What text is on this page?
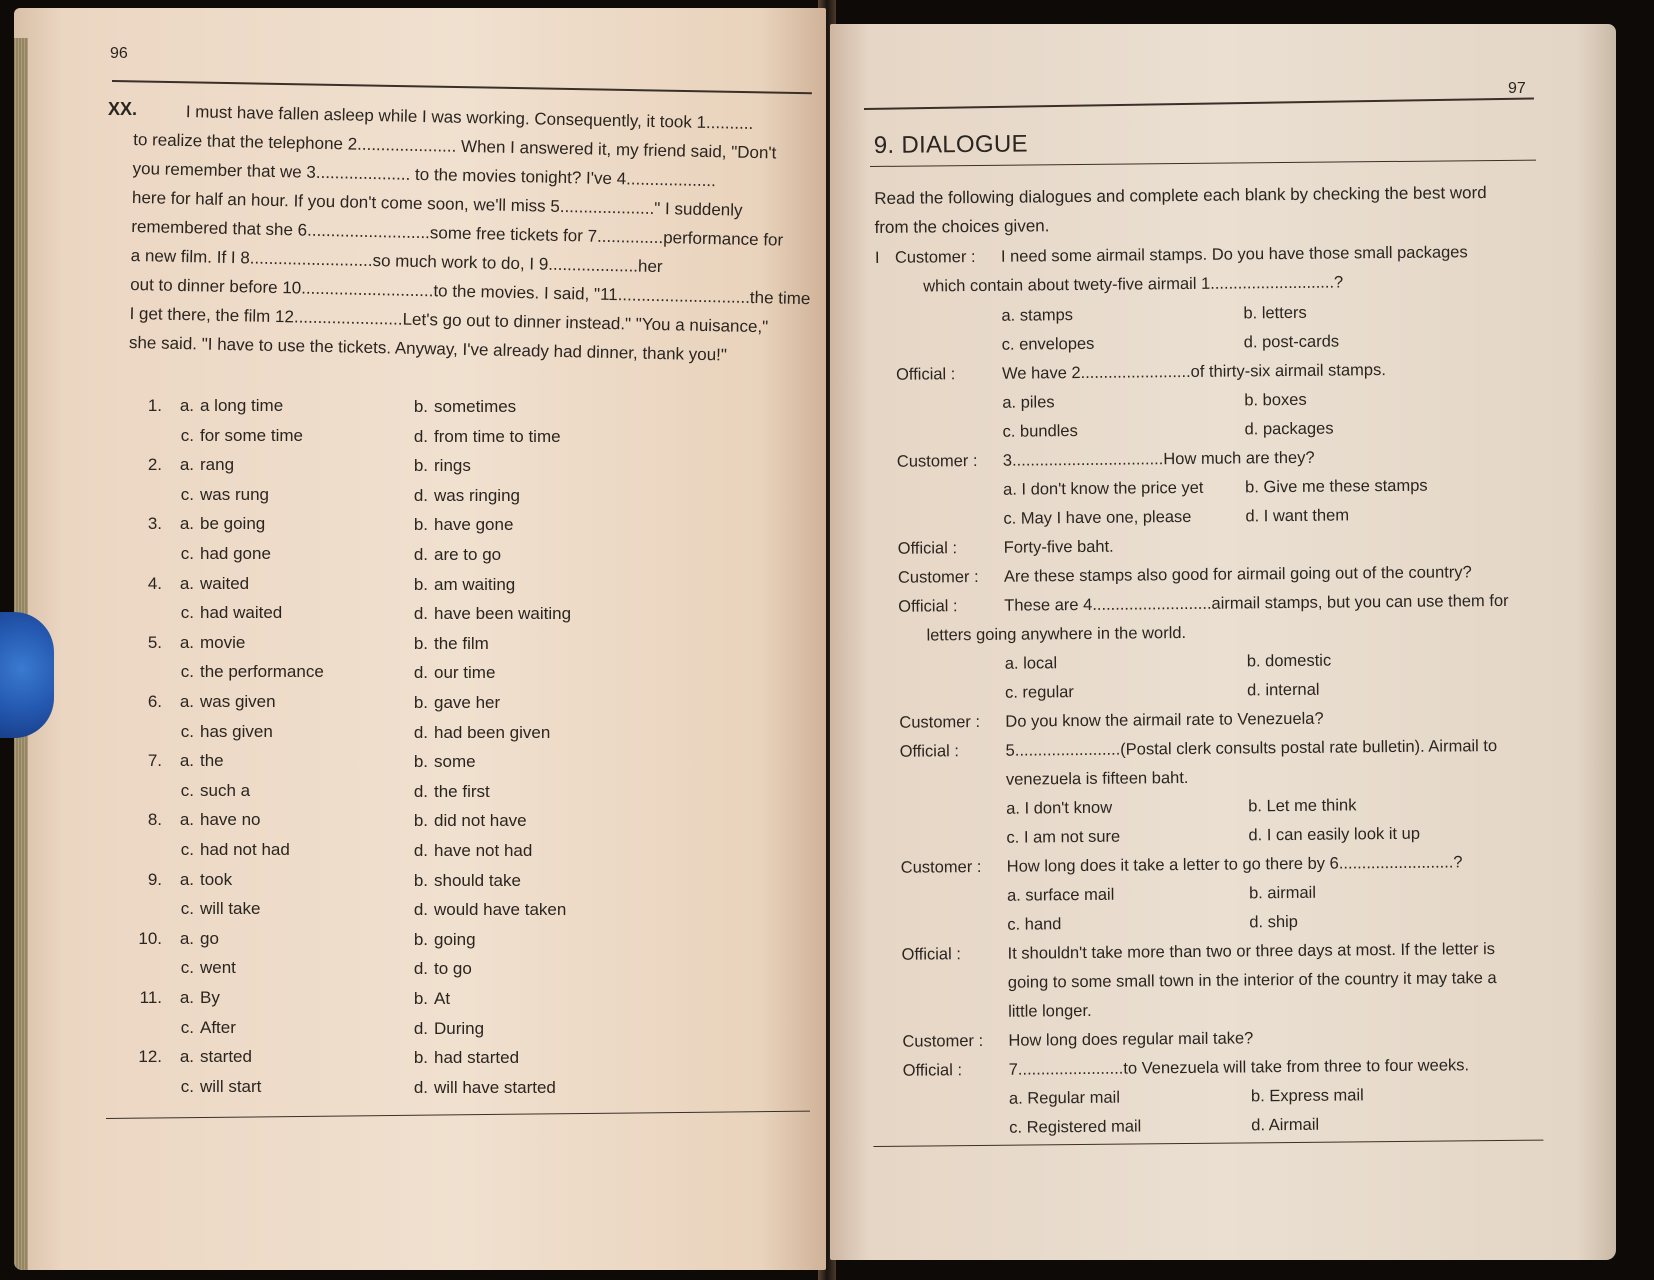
96
XX.	I must have fallen asleep while I was working. Consequently, it took 1..........
to realize that the telephone 2..................... When I answered it, my friend said, "Don't
you remember that we 3.................... to the movies tonight? I've 4...................
here for half an hour. If you don't come soon, we'll miss 5...................." I suddenly
remembered that she 6..........................some free tickets for 7..............performance for
a new film. If I 8..........................so much work to do, I 9...................her
out to dinner before 10............................to the movies. I said, "11............................the time
I get there, the film 12.......................Let's go out to dinner instead." "You a nuisance,"
she said. "I have to use the tickets. Anyway, I've already had dinner, thank you!"
1. a. a long time	b. sometimes
c. for some time	d. from time to time
2. a. rang	b. rings
c. was rung	d. was ringing
3. a. be going	b. have gone
c. had gone	d. are to go
4. a. waited	b. am waiting
c. had waited	d. have been waiting
5. a. movie	b. the film
c. the performance	d. our time
6. a. was given	b. gave her
c. has given	d. had been given
7. a. the	b. some
c. such a	d. the first
8. a. have no	b. did not have
c. had not had	d. have not had
9. a. took	b. should take
c. will take	d. would have taken
10. a. go	b. going
c. went	d. to go
11. a. By	b. At
c. After	d. During
12. a. started	b. had started
c. will start	d. will have started
97
9. DIALOGUE
Read the following dialogues and complete each blank by checking the best word
from the choices given.
I Customer : I need some airmail stamps. Do you have those small packages
which contain about twety-five airmail 1...........................?
a. stamps	b. letters
c. envelopes	d. post-cards
Official :	We have 2........................of thirty-six airmail stamps.
a. piles	b. boxes
c. bundles	d. packages
Customer : 3.................................How much are they?
a. I don't know the price yet	b. Give me these stamps
c. May I have one, please	d. I want them
Official :	Forty-five baht.
Customer : Are these stamps also good for airmail going out of the country?
Official :	These are 4..........................airmail stamps, but you can use them for
letters going anywhere in the world.
a. local	b. domestic
c. regular	d. internal
Customer : Do you know the airmail rate to Venezuela?
Official :	5.......................(Postal clerk consults postal rate bulletin). Airmail to
venezuela is fifteen baht.
a. I don't know	b. Let me think
c. I am not sure	d. I can easily look it up
Customer : How long does it take a letter to go there by 6.........................?
a. surface mail	b. airmail
c. hand	d. ship
Official :	It shouldn't take more than two or three days at most. If the letter is
going to some small town in the interior of the country it may take a
little longer.
Customer : How long does regular mail take?
Official :	7.......................to Venezuela will take from three to four weeks.
a. Regular mail	b. Express mail
c. Registered mail	d. Airmail
